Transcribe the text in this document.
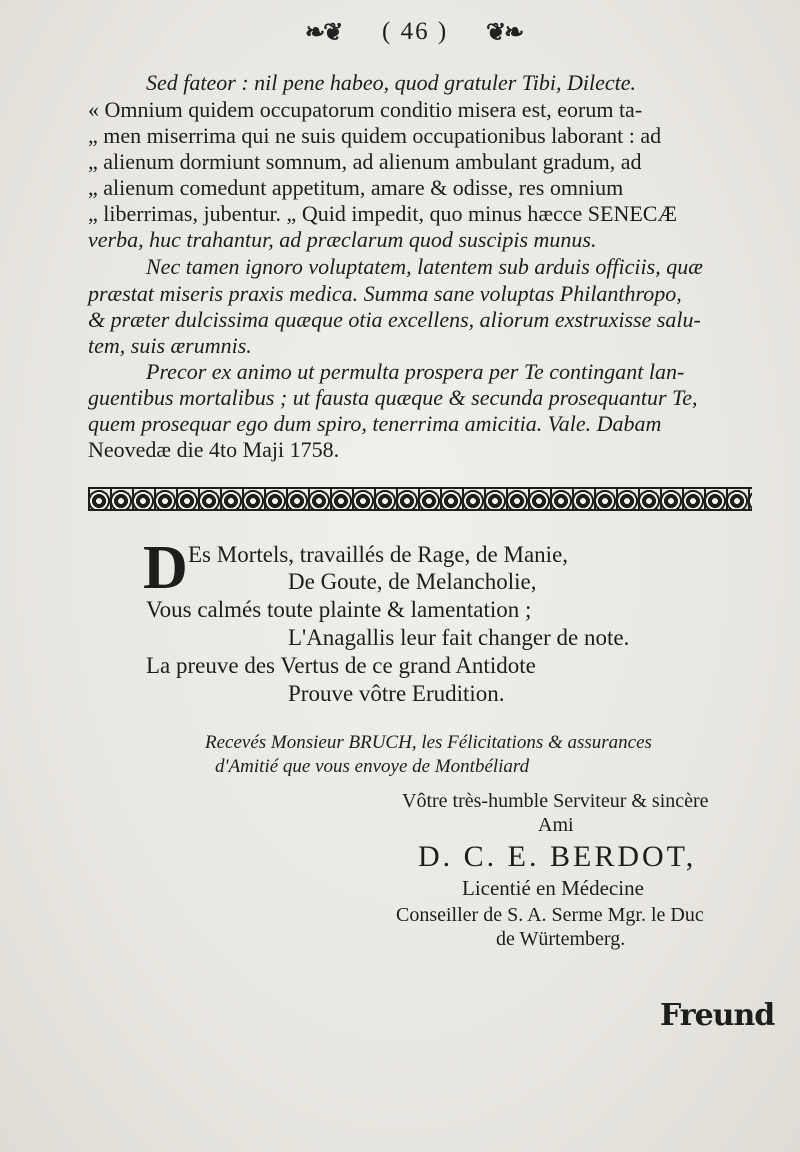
❧❦ ( 46 )	❦❧
Sed fateor : nil pene habeo, quod gratuler Tibi, Dilecte.
« Omnium quidem occupatorum conditio misera est, eorum ta-
„ men miserrima qui ne suis quidem occupationibus laborant : ad
„ alienum dormiunt somnum, ad alienum ambulant gradum, ad
„ alienum comedunt appetitum, amare & odisse, res omnium
„ liberrimas, jubentur. „ Quid impedit, quo minus hæcce SENECÆ
verba, huc trahantur, ad præclarum quod suscipis munus.
Nec tamen ignoro voluptatem, latentem sub arduis officiis, quæ
præstat miseris praxis medica. Summa sane voluptas Philanthropo,
& præter dulcissima quæque otia excellens, aliorum exstruxisse salu-
tem, suis ærumnis.
Precor ex animo ut permulta prospera per Te contingant lan-
guentibus mortalibus ; ut fausta quæque & secunda prosequantur Te,
quem prosequar ego dum spiro, tenerrima amicitia. Vale. Dabam
Neovedæ die 4to Maji 1758.
D Es Mortels, travaillés de Rage, de Manie,
De Goute, de Melancholie,
Vous calmés toute plainte & lamentation ;
L'Anagallis leur fait changer de note.
La preuve des Vertus de ce grand Antidote
Prouve vôtre Erudition.
Recevés Monsieur BRUCH, les Félicitations & assurances
d'Amitié que vous envoye de Montbéliard
Vôtre très-humble Serviteur & sincère
Ami
D. C. E. BERDOT,
Licentié en Médecine
Conseiller de S. A. Serme Mgr. le Duc
de Würtemberg.
Freund
